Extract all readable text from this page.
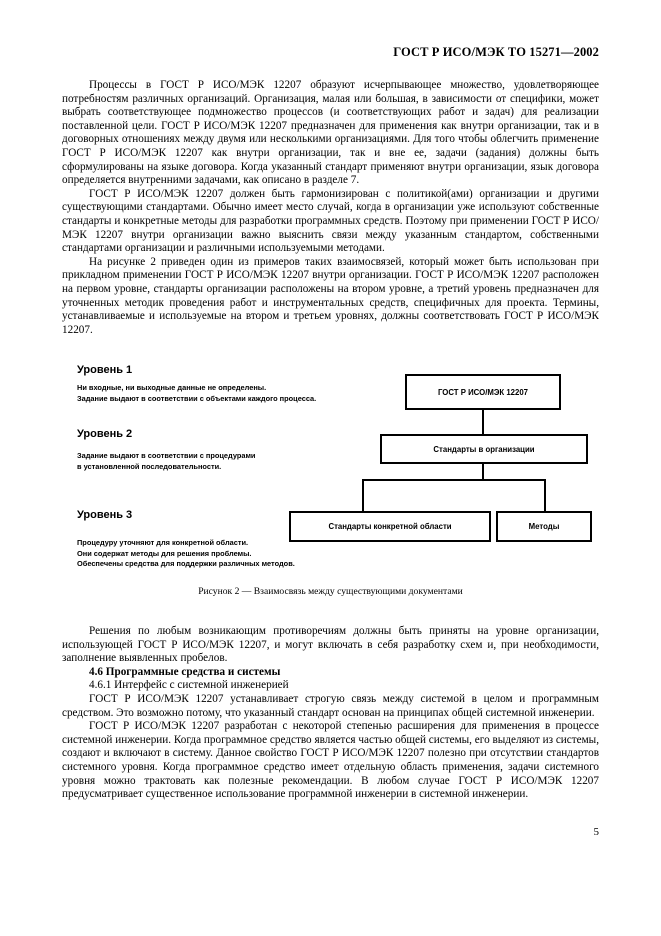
ГОСТ Р ИСО/МЭК ТО 15271—2002

Процессы в ГОСТ Р ИСО/МЭК 12207 образуют исчерпывающее множество, удовлетворяющее потребностям различных организаций. Организация, малая или большая, в зависимости от специфики, может выбрать соответствующее подмножество процессов (и соответствующих работ и задач) для реализации поставленной цели. ГОСТ Р ИСО/МЭК 12207 предназначен для применения как внутри организации, так и в договорных отношениях между двумя или несколькими организациями. Для того чтобы облегчить применение ГОСТ Р ИСО/МЭК 12207 как внутри организации, так и вне ее, задачи (задания) должны быть сформулированы на языке договора. Когда указанный стандарт применяют внутри организации, язык договора определяется внутренними задачами, как описано в разделе 7.

ГОСТ Р ИСО/МЭК 12207 должен быть гармонизирован с политикой(ами) организации и другими существующими стандартами. Обычно имеет место случай, когда в организации уже используют собственные стандарты и конкретные методы для разработки программных средств. Поэтому при применении ГОСТ Р ИСО/МЭК 12207 внутри организации важно выяснить связи между указанным стандартом, собственными стандартами организации и различными используемыми методами.

На рисунке 2 приведен один из примеров таких взаимосвязей, который может быть использован при прикладном применении ГОСТ Р ИСО/МЭК 12207 внутри организации. ГОСТ Р ИСО/МЭК 12207 расположен на первом уровне, стандарты организации расположены на втором уровне, а третий уровень предназначен для уточненных методик проведения работ и инструментальных средств, специфичных для проекта. Термины, устанавливаемые и используемые на втором и третьем уровнях, должны соответствовать ГОСТ Р ИСО/МЭК 12207.

Уровень 1
Ни входные, ни выходные данные не определены.
Задание выдают в соответствии с объектами каждого процесса.
Уровень 2
Задание выдают в соответствии с процедурами
в установленной последовательности.
Уровень 3
Процедуру уточняют для конкретной области.
Они содержат методы для решения проблемы.
Обеспечены средства для поддержки различных методов.
ГОСТ Р ИСО/МЭК 12207
Стандарты в организации
Стандарты конкретной области	Методы
Рисунок 2 — Взаимосвязь между существующими документами

Решения по любым возникающим противоречиям должны быть приняты на уровне организации, использующей ГОСТ Р ИСО/МЭК 12207, и могут включать в себя разработку схем и, при необходимости, заполнение выявленных пробелов.

4.6 Программные средства и системы

4.6.1 Интерфейс с системной инженерией

ГОСТ Р ИСО/МЭК 12207 устанавливает строгую связь между системой в целом и программным средством. Это возможно потому, что указанный стандарт основан на принципах общей системной инженерии.

ГОСТ Р ИСО/МЭК 12207 разработан с некоторой степенью расширения для применения в процессе системной инженерии. Когда программное средство является частью общей системы, его выделяют из системы, создают и включают в систему. Данное свойство ГОСТ Р ИСО/МЭК 12207 полезно при отсутствии стандартов системного уровня. Когда программное средство имеет отдельную область применения, задачи системного уровня можно трактовать как полезные рекомендации. В любом случае ГОСТ Р ИСО/МЭК 12207 предусматривает существенное использование программной инженерии в системной инженерии.

5
